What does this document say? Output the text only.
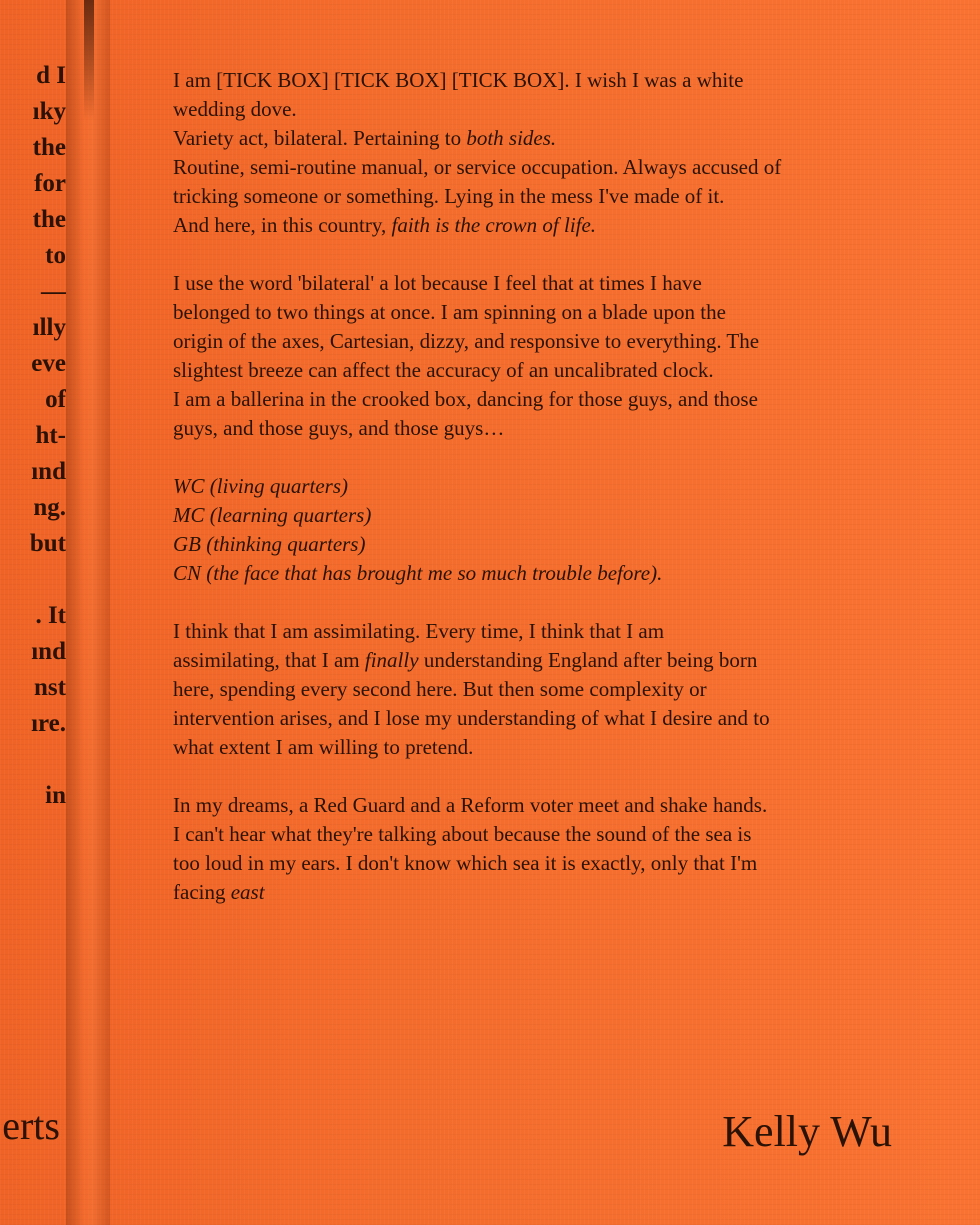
d I
ıky
the
for
the
to
—
ılly
eve
of
ht-
ınd
ng.
but
. It
ınd
nst
ıre.
in
erts

I am [TICK BOX] [TICK BOX] [TICK BOX]. I wish I was a white
wedding dove.
Variety act, bilateral. Pertaining to both sides.
Routine, semi-routine manual, or service occupation. Always accused of
tricking someone or something. Lying in the mess I've made of it.
And here, in this country, faith is the crown of life.

I use the word 'bilateral' a lot because I feel that at times I have
belonged to two things at once. I am spinning on a blade upon the
origin of the axes, Cartesian, dizzy, and responsive to everything. The
slightest breeze can affect the accuracy of an uncalibrated clock.
I am a ballerina in the crooked box, dancing for those guys, and those
guys, and those guys, and those guys…

WC (living quarters)
MC (learning quarters)
GB (thinking quarters)
CN (the face that has brought me so much trouble before).

I think that I am assimilating. Every time, I think that I am
assimilating, that I am finally understanding England after being born
here, spending every second here. But then some complexity or
intervention arises, and I lose my understanding of what I desire and to
what extent I am willing to pretend.

In my dreams, a Red Guard and a Reform voter meet and shake hands.
I can't hear what they're talking about because the sound of the sea is
too loud in my ears. I don't know which sea it is exactly, only that I'm
facing east

Kelly Wu
